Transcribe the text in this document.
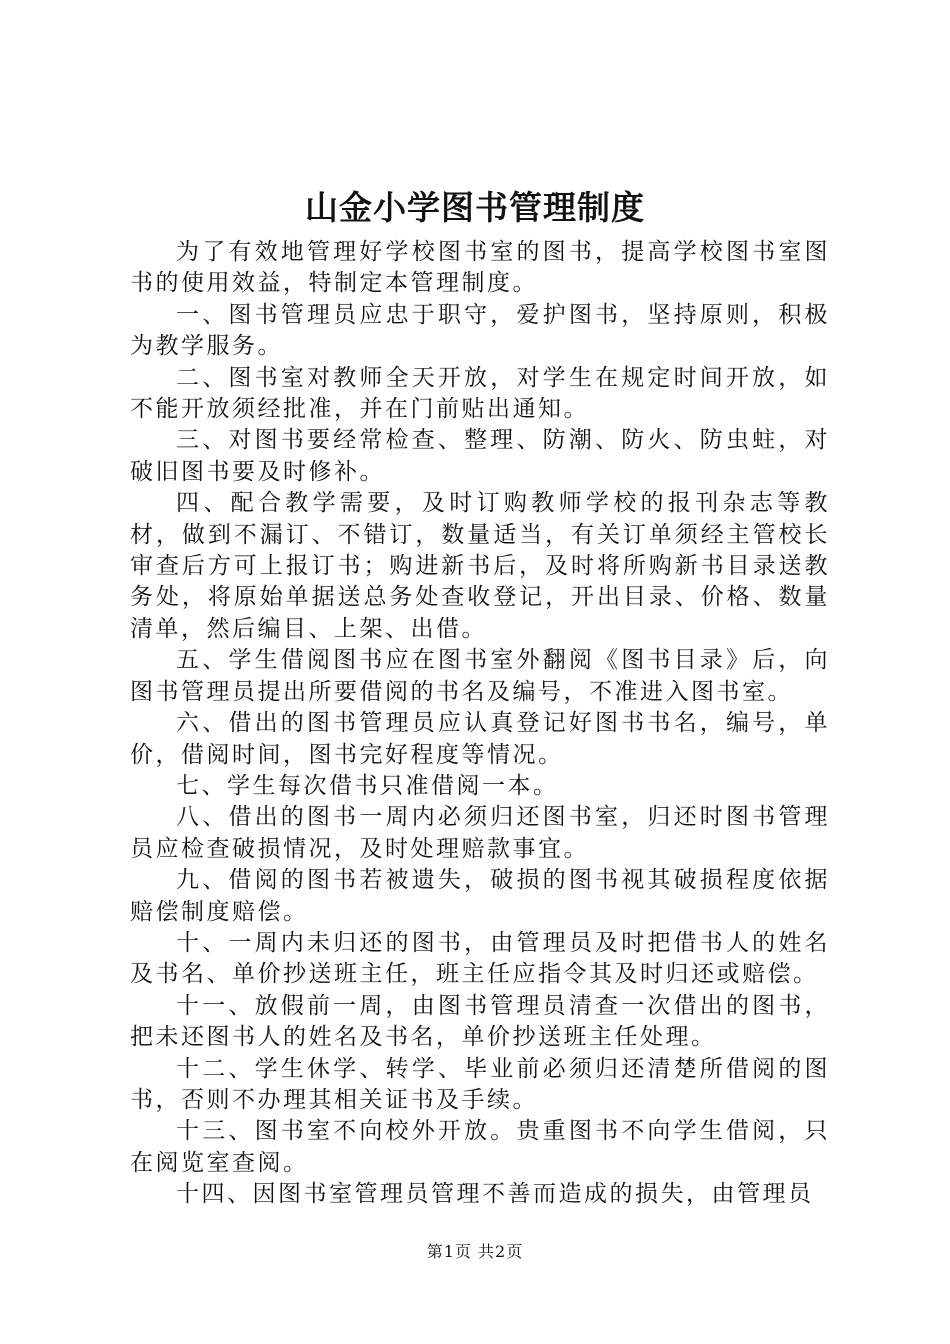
山金小学图书管理制度

为了有效地管理好学校图书室的图书，提高学校图书室图书的使用效益，特制定本管理制度。

一、图书管理员应忠于职守，爱护图书，坚持原则，积极为教学服务。

二、图书室对教师全天开放，对学生在规定时间开放，如不能开放须经批准，并在门前贴出通知。

三、对图书要经常检查、整理、防潮、防火、防虫蛀，对破旧图书要及时修补。

四、配合教学需要，及时订购教师学校的报刊杂志等教材，做到不漏订、不错订，数量适当，有关订单须经主管校长审查后方可上报订书；购进新书后，及时将所购新书目录送教务处，将原始单据送总务处查收登记，开出目录、价格、数量清单，然后编目、上架、出借。

五、学生借阅图书应在图书室外翻阅《图书目录》后，向图书管理员提出所要借阅的书名及编号，不准进入图书室。

六、借出的图书管理员应认真登记好图书书名，编号，单价，借阅时间，图书完好程度等情况。

七、学生每次借书只准借阅一本。

八、借出的图书一周内必须归还图书室，归还时图书管理员应检查破损情况，及时处理赔款事宜。

九、借阅的图书若被遗失，破损的图书视其破损程度依据赔偿制度赔偿。

十、一周内未归还的图书，由管理员及时把借书人的姓名及书名、单价抄送班主任，班主任应指令其及时归还或赔偿。

十一、放假前一周，由图书管理员清查一次借出的图书，把未还图书人的姓名及书名，单价抄送班主任处理。

十二、学生休学、转学、毕业前必须归还清楚所借阅的图书，否则不办理其相关证书及手续。

十三、图书室不向校外开放。贵重图书不向学生借阅，只在阅览室查阅。

十四、因图书室管理员管理不善而造成的损失，由管理员

第1页 共2页
